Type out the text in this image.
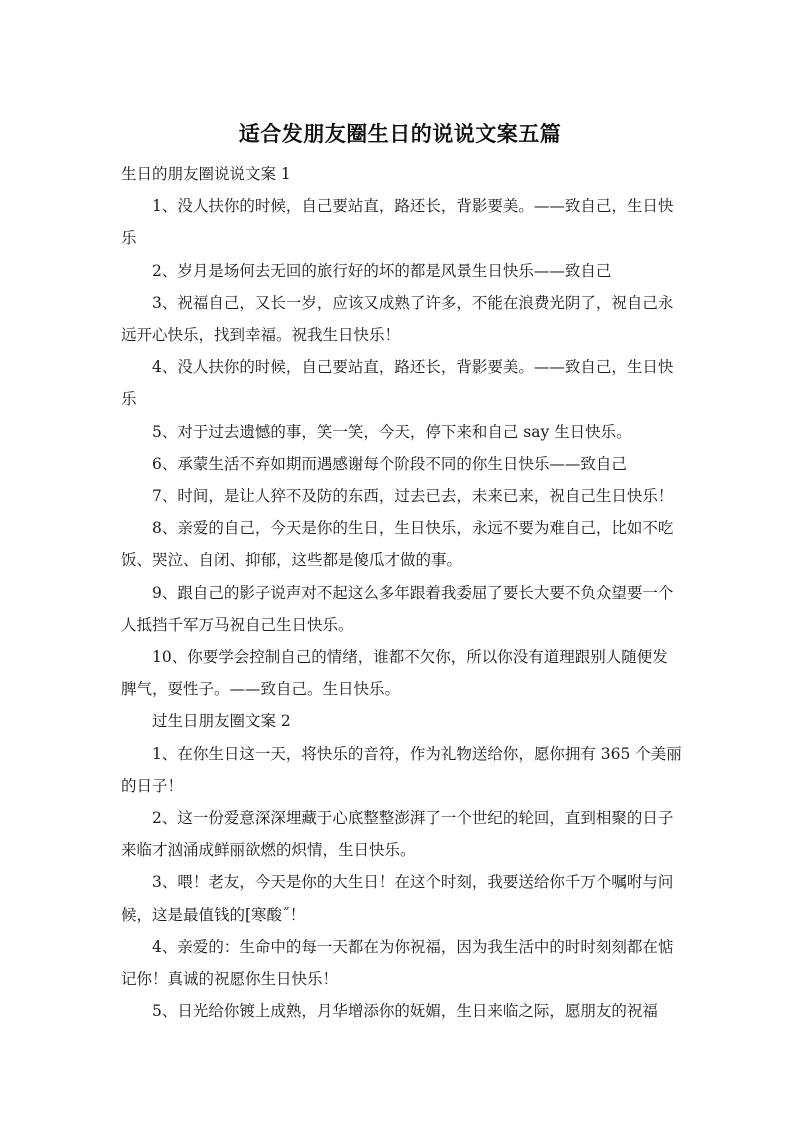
适合发朋友圈生日的说说文案五篇

生日的朋友圈说说文案 1

1、没人扶你的时候，自己要站直，路还长，背影要美。——致自己，生日快乐

2、岁月是场何去无回的旅行好的坏的都是风景生日快乐——致自己

3、祝福自己，又长一岁，应该又成熟了许多，不能在浪费光阴了，祝自己永远开心快乐，找到幸福。祝我生日快乐！

4、没人扶你的时候，自己要站直，路还长，背影要美。——致自己，生日快乐

5、对于过去遗憾的事，笑一笑，今天，停下来和自己 say 生日快乐。

6、承蒙生活不弃如期而遇感谢每个阶段不同的你生日快乐——致自己

7、时间，是让人猝不及防的东西，过去已去，未来已来，祝自己生日快乐！

8、亲爱的自己，今天是你的生日，生日快乐，永远不要为难自己，比如不吃饭、哭泣、自闭、抑郁，这些都是傻瓜才做的事。

9、跟自己的影子说声对不起这么多年跟着我委屈了要长大要不负众望要一个人抵挡千军万马祝自己生日快乐。

10、你要学会控制自己的情绪，谁都不欠你，所以你没有道理跟别人随便发脾气，耍性子。——致自己。生日快乐。

过生日朋友圈文案 2

1、在你生日这一天，将快乐的音符，作为礼物送给你，愿你拥有 365 个美丽的日子！

2、这一份爱意深深埋藏于心底整整澎湃了一个世纪的轮回，直到相聚的日子来临才汹涌成鲜丽欲燃的炽情，生日快乐。

3、喂！老友，今天是你的大生日！在这个时刻，我要送给你千万个嘱咐与问候，这是最值钱的[寒酸˝！

4、亲爱的：生命中的每一天都在为你祝福，因为我生活中的时时刻刻都在惦记你！真诚的祝愿你生日快乐！

5、日光给你镀上成熟，月华增添你的妩媚，生日来临之际，愿朋友的祝福
